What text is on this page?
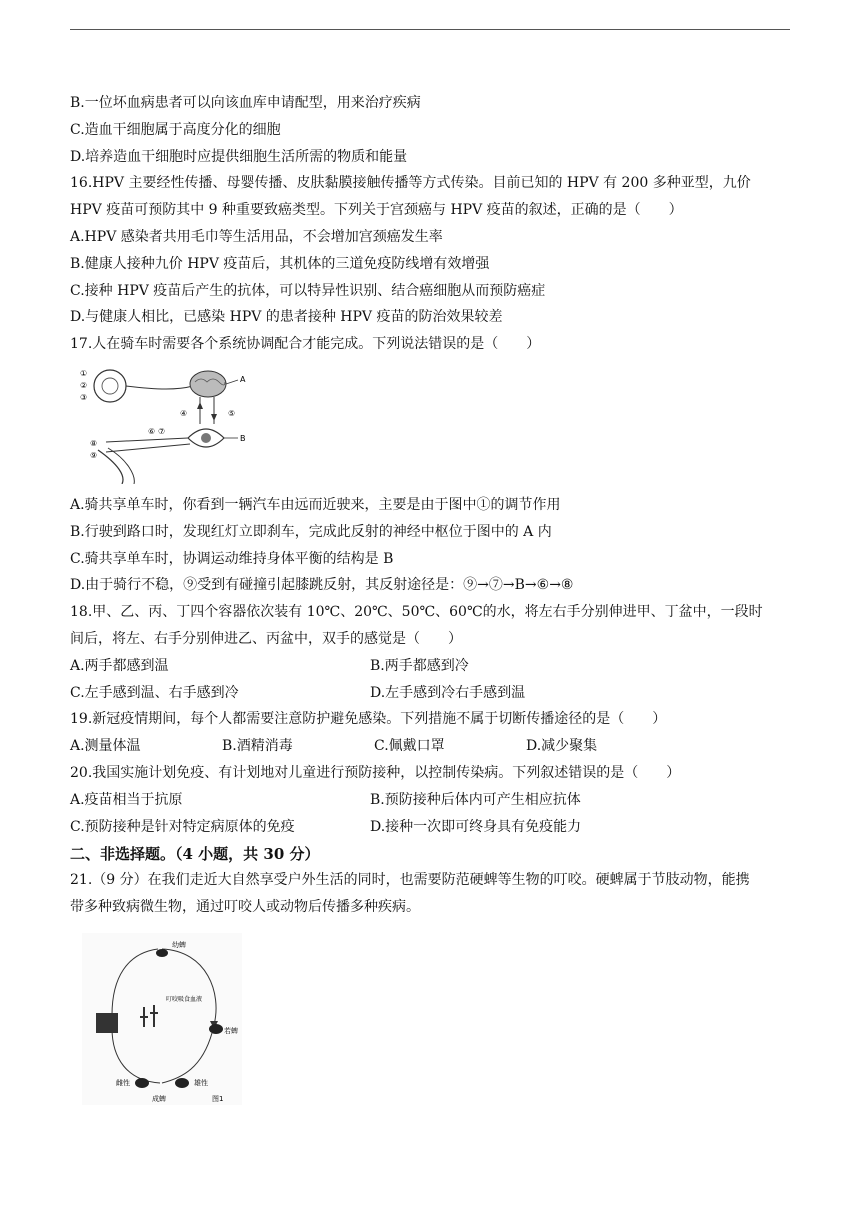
B.一位坏血病患者可以向该血库申请配型，用来治疗疾病
C.造血干细胞属于高度分化的细胞
D.培养造血干细胞时应提供细胞生活所需的物质和能量
16.HPV 主要经性传播、母婴传播、皮肤黏膜接触传播等方式传染。目前已知的 HPV 有 200 多种亚型，九价
HPV 疫苗可预防其中 9 种重要致癌类型。下列关于宫颈癌与 HPV 疫苗的叙述，正确的是（　　）
A.HPV 感染者共用毛巾等生活用品，不会增加宫颈癌发生率
B.健康人接种九价 HPV 疫苗后，其机体的三道免疫防线增有效增强
C.接种 HPV 疫苗后产生的抗体，可以特异性识别、结合癌细胞从而预防癌症
D.与健康人相比，已感染 HPV 的患者接种 HPV 疫苗的防治效果较差
17.人在骑车时需要各个系统协调配合才能完成。下列说法错误的是（　　）
①
②
③
④	⑤
⑥ ⑦
⑧
⑨
A
B
A.骑共享单车时，你看到一辆汽车由远而近驶来，主要是由于图中①的调节作用
B.行驶到路口时，发现红灯立即刹车，完成此反射的神经中枢位于图中的 A 内
C.骑共享单车时，协调运动维持身体平衡的结构是 B
D.由于骑行不稳，⑨受到有碰撞引起膝跳反射，其反射途径是：⑨→⑦→B→⑥→⑧
18.甲、乙、丙、丁四个容器依次装有 10℃、20℃、50℃、60℃的水，将左右手分别伸进甲、丁盆中，一段时
间后，将左、右手分别伸进乙、丙盆中，双手的感觉是（　　）
A.两手都感到温	B.两手都感到冷
C.左手感到温、右手感到冷	D.左手感到冷右手感到温
19.新冠疫情期间，每个人都需要注意防护避免感染。下列措施不属于切断传播途径的是（　　）
A.测量体温	B.酒精消毒	C.佩戴口罩	D.减少聚集
20.我国实施计划免疫、有计划地对儿童进行预防接种，以控制传染病。下列叙述错误的是（　　）
A.疫苗相当于抗原	B.预防接种后体内可产生相应抗体
C.预防接种是针对特定病原体的免疫	D.接种一次即可终身具有免疫能力
二、非选择题。（4 小题，共 30 分）
21.（9 分）在我们走近大自然享受户外生活的同时，也需要防范硬蜱等生物的叮咬。硬蜱属于节肢动物，能携
带多种致病微生物，通过叮咬人或动物后传播多种疾病。
幼蜱
若蜱
成蜱
雌性	雄性
叮咬吸食血液
图1
